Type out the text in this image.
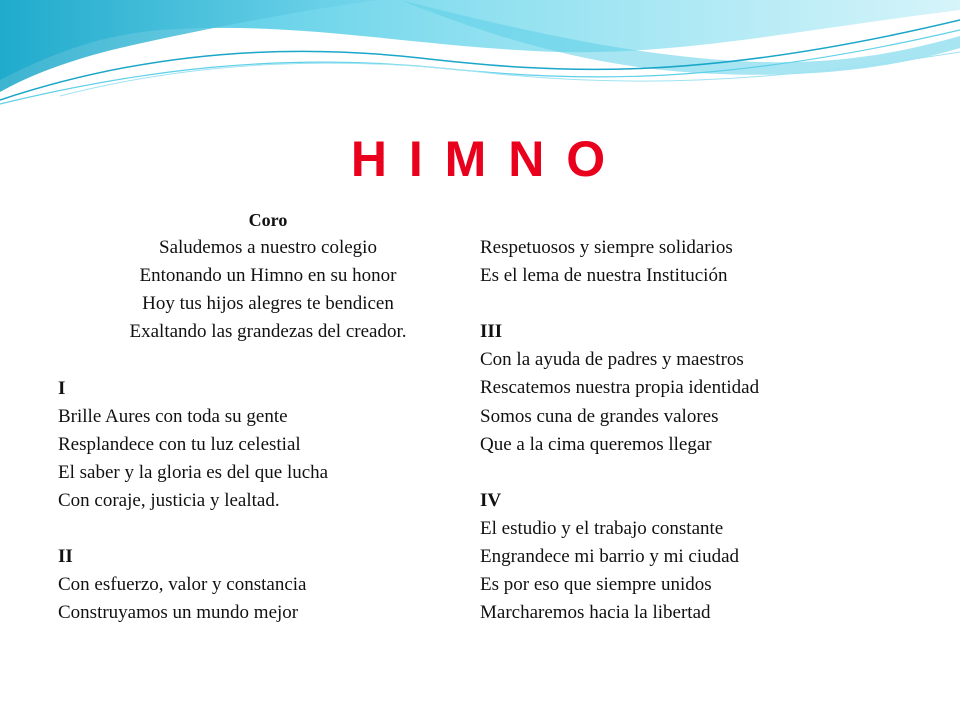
H I M N O
Coro
Saludemos a nuestro colegio
Entonando un Himno en su honor
Hoy tus hijos alegres te bendicen
Exaltando las grandezas del creador.
I
Brille Aures con toda su gente
Resplandece con tu luz celestial
El saber y la gloria es del que lucha
Con coraje, justicia y lealtad.
II
Con esfuerzo, valor y constancia
Construyamos un mundo mejor
Respetuosos y siempre solidarios
Es el lema de nuestra Institución
III
Con la ayuda de padres y maestros
Rescatemos nuestra propia identidad
Somos cuna de grandes valores
Que a la cima queremos llegar
IV
El estudio y el trabajo constante
Engrandece mi barrio y mi ciudad
Es por eso que siempre unidos
Marcharemos hacia la libertad
